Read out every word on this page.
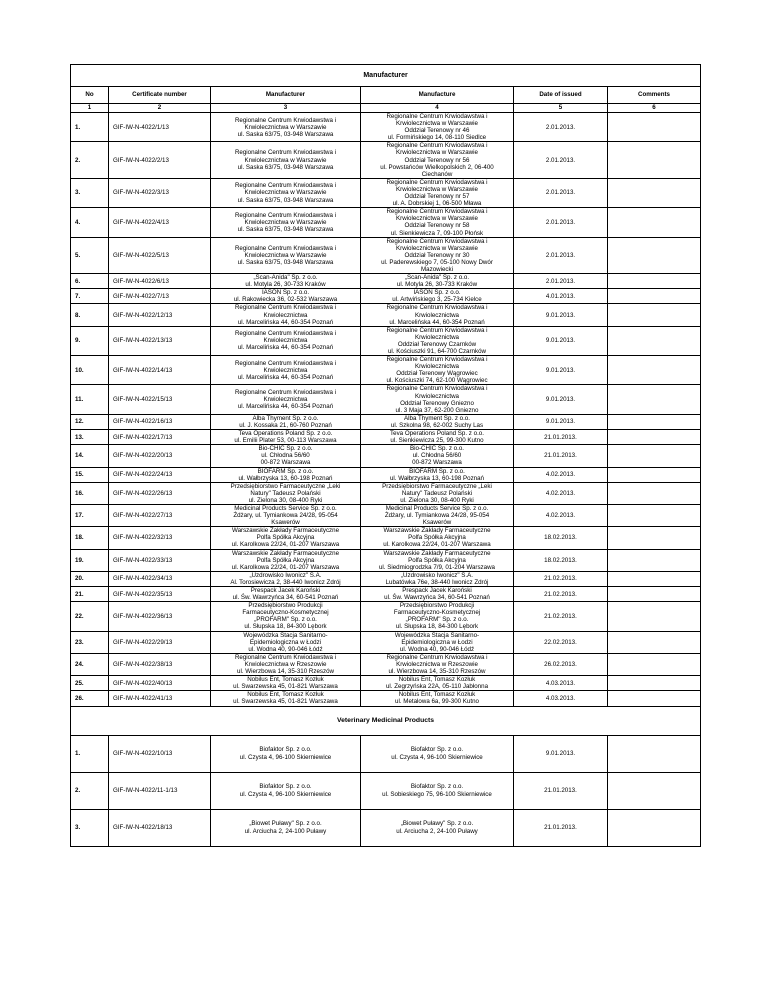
Manufacturer					
No	Certificate number	Manufacturer	Manufacture	Date of issued	Comments
1	2	3	4	5	6
1.	GIF-IW-N-4022/1/13	Regionalne Centrum Krwiodawstwa i
Krwiolecznictwa w Warszawie
ul. Saska 63/75, 03-948 Warszawa	Regionalne Centrum Krwiodawstwa i
Krwiolecznictwa w Warszawie
Oddział Terenowy nr 46
ul. Formińskiego 14, 08-110 Siedlce	2.01.2013.	
2.	GIF-IW-N-4022/2/13	Regionalne Centrum Krwiodawstwa i
Krwiolecznictwa w Warszawie
ul. Saska 63/75, 03-948 Warszawa	Regionalne Centrum Krwiodawstwa i
Krwiolecznictwa w Warszawie
Oddział Terenowy nr 56
ul. Powstańców Wielkopolskich 2, 06-400
Ciechanów	2.01.2013.	
3.	GIF-IW-N-4022/3/13	Regionalne Centrum Krwiodawstwa i
Krwiolecznictwa w Warszawie
ul. Saska 63/75, 03-948 Warszawa	Regionalne Centrum Krwiodawstwa i
Krwiolecznictwa w Warszawie
Oddział Terenowy nr 57
ul. A. Dobrskiej 1, 06-500 Mława	2.01.2013.	
4.	GIF-IW-N-4022/4/13	Regionalne Centrum Krwiodawstwa i
Krwiolecznictwa w Warszawie
ul. Saska 63/75, 03-948 Warszawa	Regionalne Centrum Krwiodawstwa i
Krwiolecznictwa w Warszawie
Oddział Terenowy nr 58
ul. Sienkiewicza 7, 09-100 Płońsk	2.01.2013.	
5.	GIF-IW-N-4022/5/13	Regionalne Centrum Krwiodawstwa i
Krwiolecznictwa w Warszawie
ul. Saska 63/75, 03-948 Warszawa	Regionalne Centrum Krwiodawstwa i
Krwiolecznictwa w Warszawie
Oddział Terenowy nr 30
ul. Paderewskiego 7, 05-100 Nowy Dwór
Mazowiecki	2.01.2013.	
6.	GIF-IW-N-4022/6/13	„Scan-Anida" Sp. z o.o.
ul. Motyla 26, 30-733 Kraków	„Scan-Anida" Sp. z o.o.
ul. Motyla 26, 30-733 Kraków	2.01.2013.	
7.	GIF-IW-N-4022/7/13	IASON Sp. z o.o.
ul. Rakowiecka 36, 02-532 Warszawa	IASON Sp. z o.o.
ul. Artwińskiego 3, 25-734 Kielce	4.01.2013.	
8.	GIF-IW-N-4022/12/13	Regionalne Centrum Krwiodawstwa i
Krwiolecznictwa
ul. Marcelińska 44, 60-354 Poznań	Regionalne Centrum Krwiodawstwa i
Krwiolecznictwa
ul. Marcelińska 44, 60-354 Poznań	9.01.2013.	
9.	GIF-IW-N-4022/13/13	Regionalne Centrum Krwiodawstwa i
Krwiolecznictwa
ul. Marcelińska 44, 60-354 Poznań	Regionalne Centrum Krwiodawstwa i
Krwiolecznictwa
Oddział Terenowy Czarnków
ul. Kościuszki 91, 64-700 Czarnków	9.01.2013.	
10.	GIF-IW-N-4022/14/13	Regionalne Centrum Krwiodawstwa i
Krwiolecznictwa
ul. Marcelińska 44, 60-354 Poznań	Regionalne Centrum Krwiodawstwa i
Krwiolecznictwa
Oddział Terenowy Wągrowiec
ul. Kościuszki 74, 62-100 Wągrowiec	9.01.2013.	
11.	GIF-IW-N-4022/15/13	Regionalne Centrum Krwiodawstwa i
Krwiolecznictwa
ul. Marcelińska 44, 60-354 Poznań	Regionalne Centrum Krwiodawstwa i
Krwiolecznictwa
Oddział Terenowy Gniezno
ul. 3 Maja 37, 62-200 Gniezno	9.01.2013.	
12.	GIF-IW-N-4022/16/13	Alba Thyment Sp. z o.o.
ul. J. Kossaka 21, 60-760 Poznań	Alba Thyment Sp. z o.o.
ul. Szkolna 98, 62-002 Suchy Las	9.01.2013.	
13.	GIF-IW-N-4022/17/13	Teva Operations Poland Sp. z o.o.
ul. Emilii Plater 53, 00-113 Warszawa	Teva Operations Poland Sp. z o.o.
ul. Sienkiewicza 25, 99-300 Kutno	21.01.2013.	
14.	GIF-IW-N-4022/20/13	Bio-CHIC Sp. z o.o.
ul. Chłodna 56/60
00-872 Warszawa	Bio-CHIC Sp. z o.o.
ul. Chłodna 56/60
00-872 Warszawa	21.01.2013.	
15.	GIF-IW-N-4022/24/13	BIOFARM Sp. z o.o.
ul. Wałbrzyska 13, 60-198 Poznań	BIOFARM Sp. z o.o.
ul. Wałbrzyska 13, 60-198 Poznań	4.02.2013.	
16.	GIF-IW-N-4022/26/13	Przedsiębiorstwo Farmaceutyczne „Leki
Natury" Tadeusz Polański
ul. Zielona 30, 08-400 Ryki	Przedsiębiorstwo Farmaceutyczne „Leki
Natury" Tadeusz Polański
ul. Zielona 30, 08-400 Ryki	4.02.2013.	
17.	GIF-IW-N-4022/27/13	Medicinal Products Service Sp. z o.o.
Żdżary, ul. Tymiankowa 24/28, 95-054
Ksawerów	Medicinal Products Service Sp. z o.o.
Żdżary, ul. Tymiankowa 24/28, 95-054
Ksawerów	4.02.2013.	
18.	GIF-IW-N-4022/32/13	Warszawskie Zakłady Farmaceutyczne
Polfa Spółka Akcyjna
ul. Karolkowa 22/24, 01-207 Warszawa	Warszawskie Zakłady Farmaceutyczne
Polfa Spółka Akcyjna
ul. Karolkowa 22/24, 01-207 Warszawa	18.02.2013.	
19.	GIF-IW-N-4022/33/13	Warszawskie Zakłady Farmaceutyczne
Polfa Spółka Akcyjna
ul. Karolkowa 22/24, 01-207 Warszawa	Warszawskie Zakłady Farmaceutyczne
Polfa Spółka Akcyjna
ul. Siedmiogrodzka 7/9, 01-204 Warszawa	18.02.2013.	
20.	GIF-IW-N-4022/34/13	„Uzdrowisko Iwonicz" S.A.
Al. Torosiewicza 2, 38-440 Iwonicz Zdrój	„Uzdrowisko Iwonicz" S.A.
Lubatówka 76e, 38-440 Iwonicz Zdrój	21.02.2013.	
21.	GIF-IW-N-4022/35/13	Prespack Jacek Karoński
ul. Św. Wawrzyńca 34, 60-541 Poznań	Prespack Jacek Karoński
ul. Św. Wawrzyńca 34, 60-541 Poznań	21.02.2013.	
22.	GIF-IW-N-4022/36/13	Przedsiębiorstwo Produkcji
Farmaceutyczno-Kosmetycznej
„PROFARM" Sp. z o.o.
ul. Słupska 18, 84-300 Lębork	Przedsiębiorstwo Produkcji
Farmaceutyczno-Kosmetycznej
„PROFARM" Sp. z o.o.
ul. Słupska 18, 84-300 Lębork	21.02.2013.	
23.	GIF-IW-N-4022/29/13	Wojewódzka Stacja Sanitarno-
Epidemiologiczna w Łodzi
ul. Wodna 40, 90-046 Łódź	Wojewódzka Stacja Sanitarno-
Epidemiologiczna w Łodzi
ul. Wodna 40, 90-046 Łódź	22.02.2013.	
24.	GIF-IW-N-4022/38/13	Regionalne Centrum Krwiodawstwa i
Krwiolecznictwa w Rzeszowie
ul. Wierzbowa 14, 35-310 Rzeszów	Regionalne Centrum Krwiodawstwa i
Krwiolecznictwa w Rzeszowie
ul. Wierzbowa 14, 35-310 Rzeszów	26.02.2013.	
25.	GIF-IW-N-4022/40/13	Nobilus Ent, Tomasz Kozłuk
ul. Swarzewska 45, 01-821 Warszawa	Nobilus Ent, Tomasz Kozłuk
ul. Zegrzyńska 22A, 05-110 Jabłonna	4.03.2013.	
26.	GIF-IW-N-4022/41/13	Nobilus Ent, Tomasz Kozłuk
ul. Swarzewska 45, 01-821 Warszawa	Nobilus Ent, Tomasz Kozłuk
ul. Metalowa 6a, 99-300 Kutno	4.03.2013.	
Veterinary Medicinal Products					
1.	GIF-IW-N-4022/10/13	Biofaktor Sp. z o.o.
ul. Czysta 4, 96-100 Skierniewice	Biofaktor Sp. z o.o.
ul. Czysta 4, 96-100 Skierniewice	9.01.2013.	
2.	GIF-IW-N-4022/11-1/13	Biofaktor Sp. z o.o.
ul. Czysta 4, 96-100 Skierniewice	Biofaktor Sp. z o.o.
ul. Sobieskiego 75, 96-100 Skierniewice	21.01.2013.	
3.	GIF-IW-N-4022/18/13	„Biowet Puławy" Sp. z o.o.
ul. Arciucha 2, 24-100 Puławy	„Biowet Puławy" Sp. z o.o.
ul. Arciucha 2, 24-100 Puławy	21.01.2013.	
